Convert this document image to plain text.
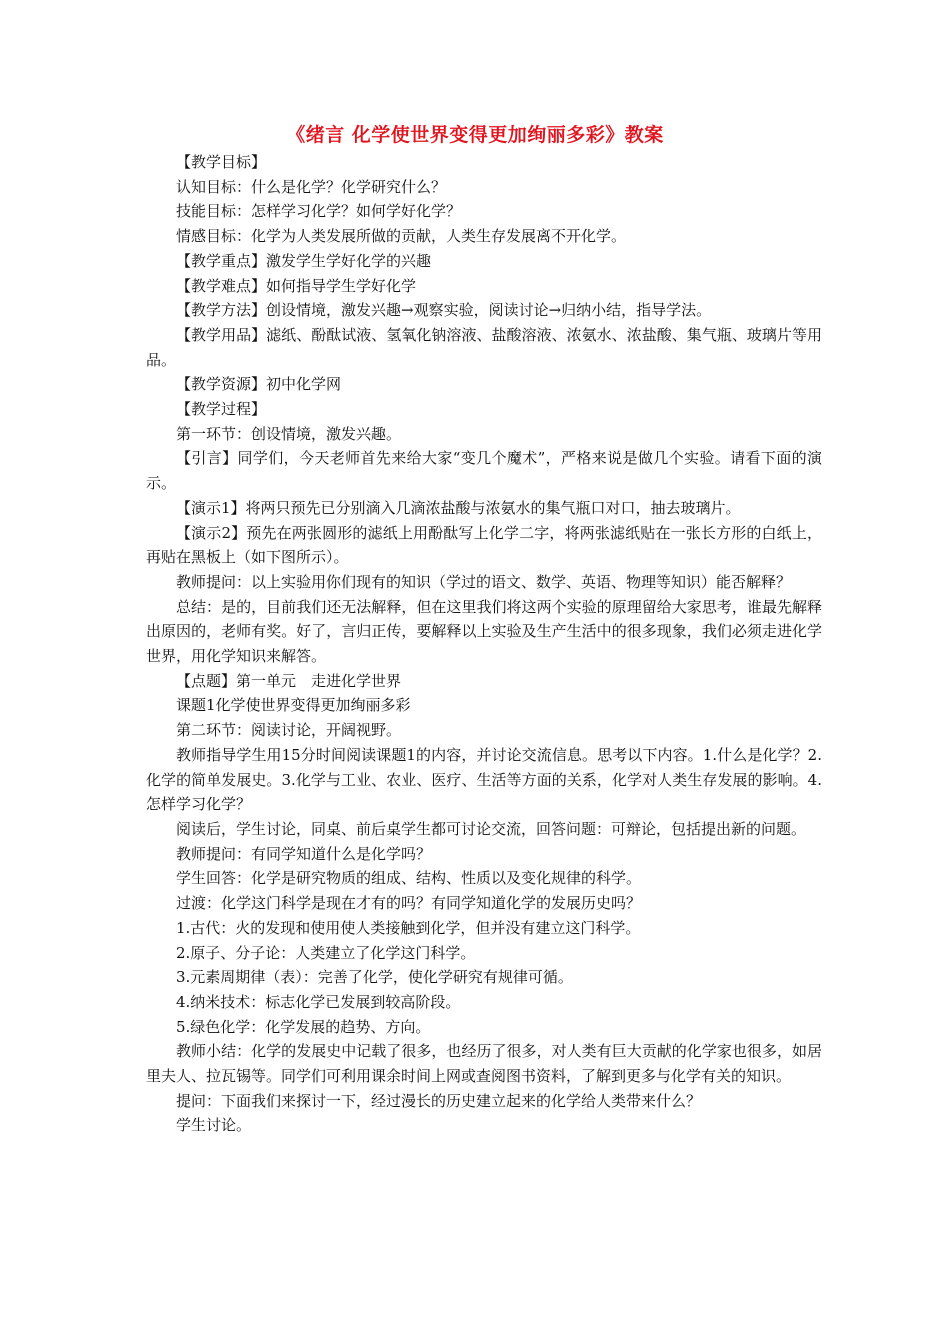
《绪言 化学使世界变得更加绚丽多彩》教案

【教学目标】

认知目标：什么是化学？化学研究什么？

技能目标：怎样学习化学？如何学好化学？

情感目标：化学为人类发展所做的贡献，人类生存发展离不开化学。

【教学重点】激发学生学好化学的兴趣

【教学难点】如何指导学生学好化学

【教学方法】创设情境，激发兴趣→观察实验，阅读讨论→归纳小结，指导学法。

【教学用品】滤纸、酚酞试液、氢氧化钠溶液、盐酸溶液、浓氨水、浓盐酸、集气瓶、玻璃片等用品。

【教学资源】初中化学网

【教学过程】

第一环节：创设情境，激发兴趣。

【引言】同学们，今天老师首先来给大家“变几个魔术”，严格来说是做几个实验。请看下面的演示。

【演示1】将两只预先已分别滴入几滴浓盐酸与浓氨水的集气瓶口对口，抽去玻璃片。

【演示2】预先在两张圆形的滤纸上用酚酞写上化学二字，将两张滤纸贴在一张长方形的白纸上，再贴在黑板上（如下图所示）。

教师提问：以上实验用你们现有的知识（学过的语文、数学、英语、物理等知识）能否解释？

总结：是的，目前我们还无法解释，但在这里我们将这两个实验的原理留给大家思考，谁最先解释出原因的，老师有奖。好了，言归正传，要解释以上实验及生产生活中的很多现象，我们必须走进化学世界，用化学知识来解答。

【点题】第一单元　走进化学世界

课题1化学使世界变得更加绚丽多彩

第二环节：阅读讨论，开阔视野。

教师指导学生用15分时间阅读课题1的内容，并讨论交流信息。思考以下内容。1.什么是化学？2.化学的简单发展史。3.化学与工业、农业、医疗、生活等方面的关系，化学对人类生存发展的影响。4.怎样学习化学？

阅读后，学生讨论，同桌、前后桌学生都可讨论交流，回答问题：可辩论，包括提出新的问题。

教师提问：有同学知道什么是化学吗？

学生回答：化学是研究物质的组成、结构、性质以及变化规律的科学。

过渡：化学这门科学是现在才有的吗？有同学知道化学的发展历史吗？

1.古代：火的发现和使用使人类接触到化学，但并没有建立这门科学。

2.原子、分子论：人类建立了化学这门科学。

3.元素周期律（表）：完善了化学，使化学研究有规律可循。

4.纳米技术：标志化学已发展到较高阶段。

5.绿色化学：化学发展的趋势、方向。

教师小结：化学的发展史中记载了很多，也经历了很多，对人类有巨大贡献的化学家也很多，如居里夫人、拉瓦锡等。同学们可利用课余时间上网或查阅图书资料，了解到更多与化学有关的知识。

提问：下面我们来探讨一下，经过漫长的历史建立起来的化学给人类带来什么？

学生讨论。
